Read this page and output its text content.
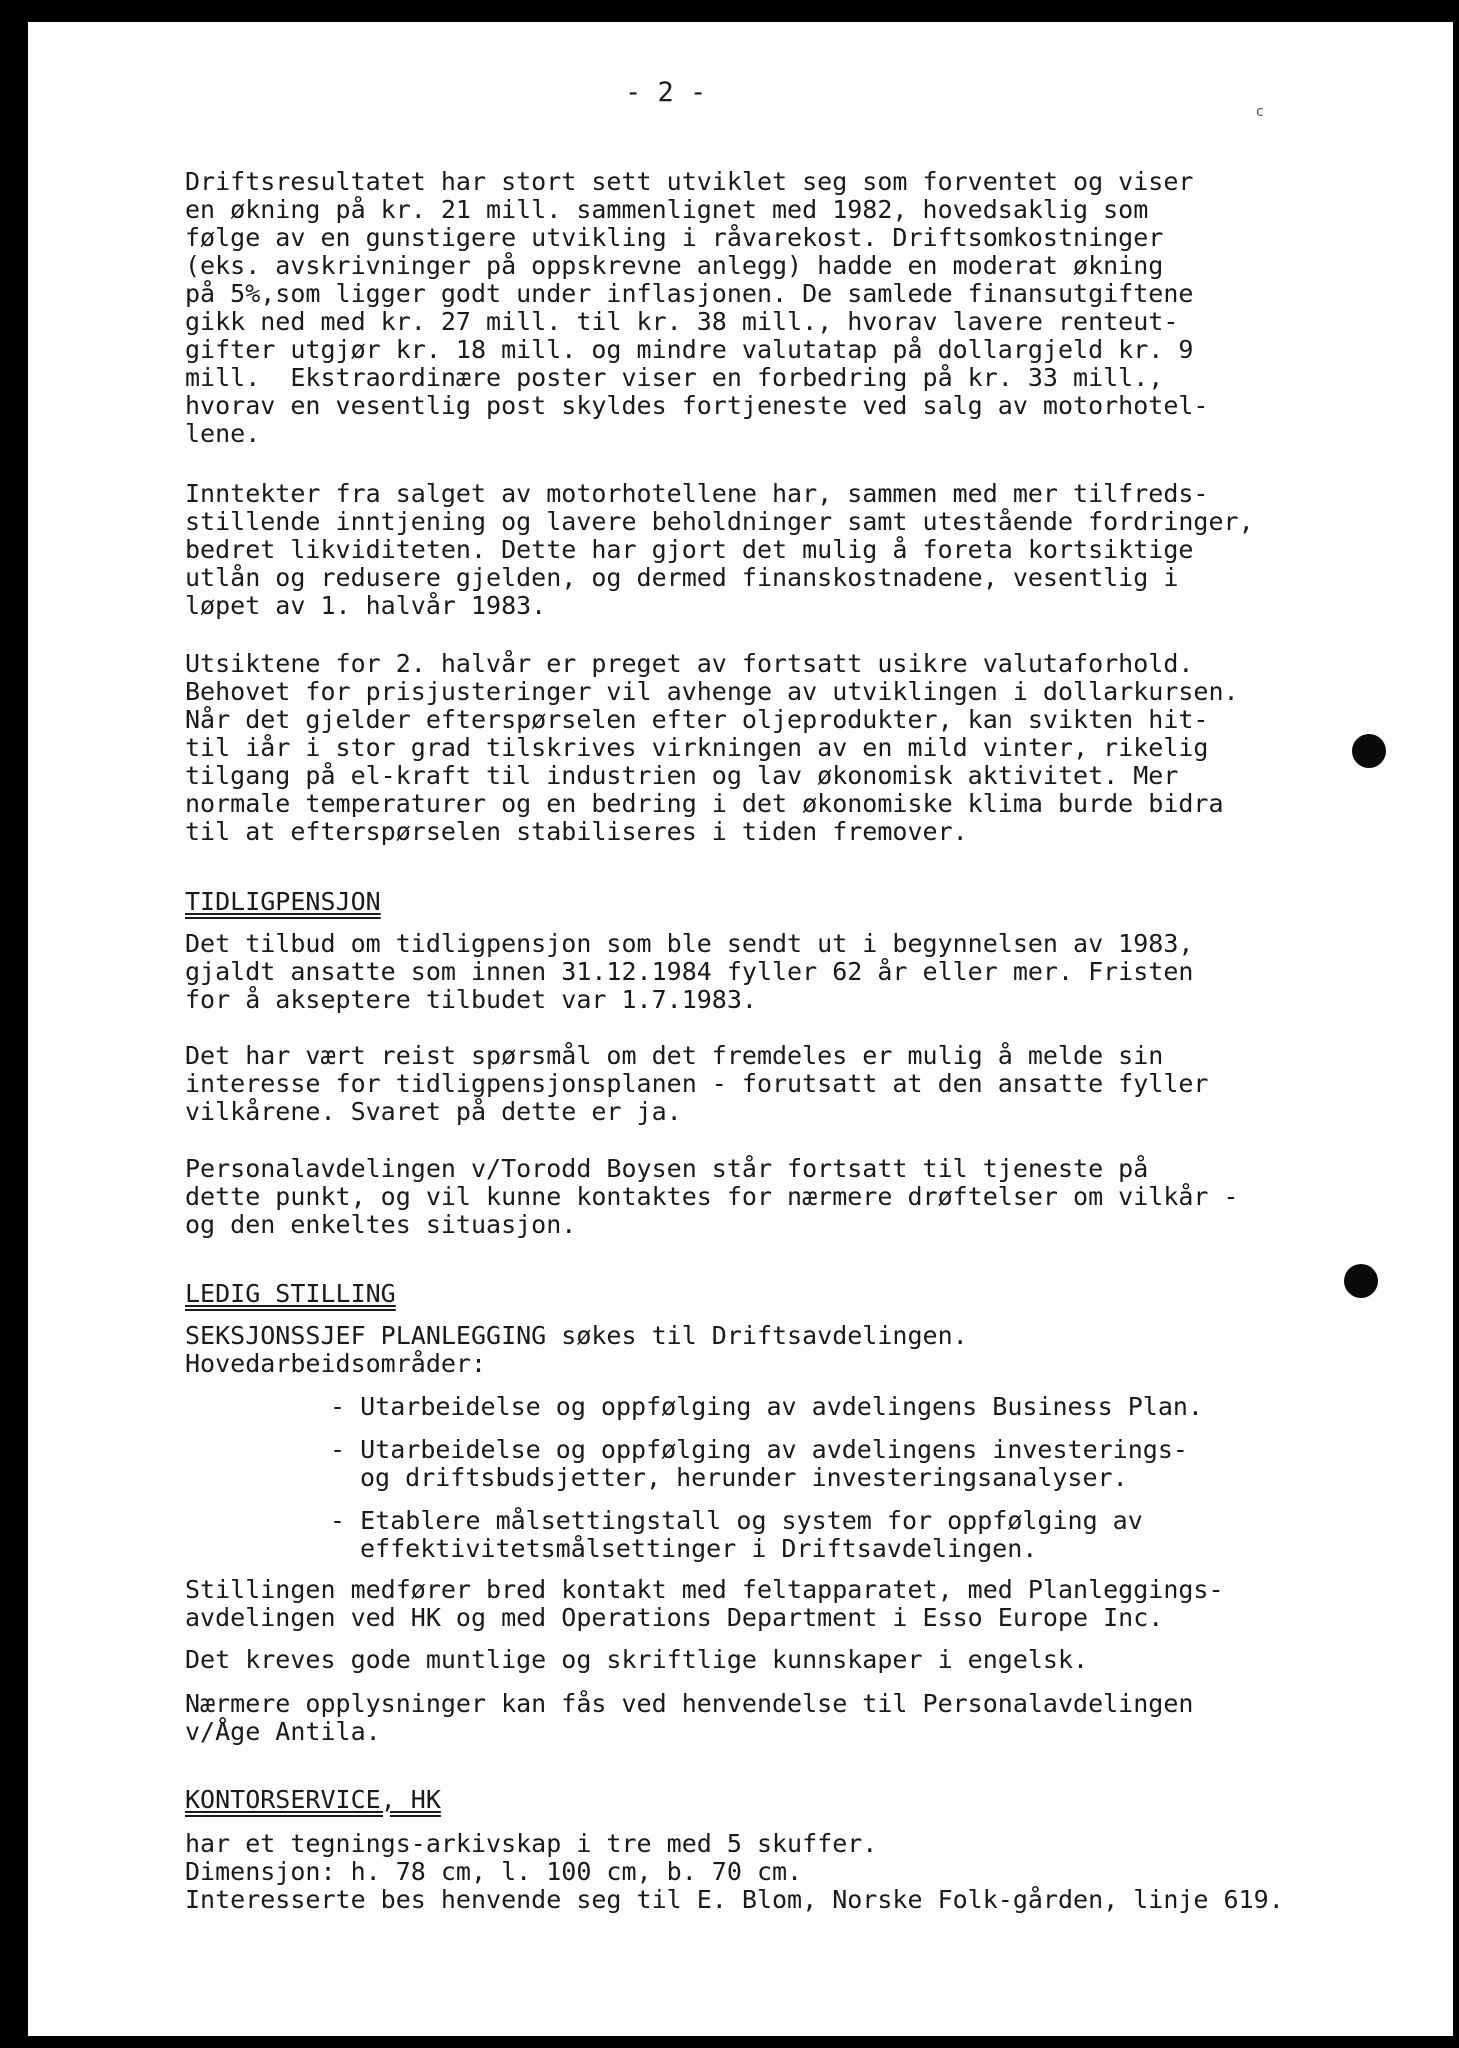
- 2 -
c

Driftsresultatet har stort sett utviklet seg som forventet og viser
en økning på kr. 21 mill. sammenlignet med 1982, hovedsaklig som
følge av en gunstigere utvikling i råvarekost. Driftsomkostninger
(eks. avskrivninger på oppskrevne anlegg) hadde en moderat økning
på 5%,som ligger godt under inflasjonen. De samlede finansutgiftene
gikk ned med kr. 27 mill. til kr. 38 mill., hvorav lavere renteut-
gifter utgjør kr. 18 mill. og mindre valutatap på dollargjeld kr. 9
mill.  Ekstraordinære poster viser en forbedring på kr. 33 mill.,
hvorav en vesentlig post skyldes fortjeneste ved salg av motorhotel-
lene.

Inntekter fra salget av motorhotellene har, sammen med mer tilfreds-
stillende inntjening og lavere beholdninger samt utestående fordringer,
bedret likviditeten. Dette har gjort det mulig å foreta kortsiktige
utlån og redusere gjelden, og dermed finanskostnadene, vesentlig i
løpet av 1. halvår 1983.

Utsiktene for 2. halvår er preget av fortsatt usikre valutaforhold.
Behovet for prisjusteringer vil avhenge av utviklingen i dollarkursen.
Når det gjelder efterspørselen efter oljeprodukter, kan svikten hit-
til iår i stor grad tilskrives virkningen av en mild vinter, rikelig
tilgang på el-kraft til industrien og lav økonomisk aktivitet. Mer
normale temperaturer og en bedring i det økonomiske klima burde bidra
til at efterspørselen stabiliseres i tiden fremover.

TIDLIGPENSJON

Det tilbud om tidligpensjon som ble sendt ut i begynnelsen av 1983,
gjaldt ansatte som innen 31.12.1984 fyller 62 år eller mer. Fristen
for å akseptere tilbudet var 1.7.1983.

Det har vært reist spørsmål om det fremdeles er mulig å melde sin
interesse for tidligpensjonsplanen - forutsatt at den ansatte fyller
vilkårene. Svaret på dette er ja.

Personalavdelingen v/Torodd Boysen står fortsatt til tjeneste på
dette punkt, og vil kunne kontaktes for nærmere drøftelser om vilkår -
og den enkeltes situasjon.

LEDIG STILLING

SEKSJONSSJEF PLANLEGGING søkes til Driftsavdelingen.
Hovedarbeidsområder:

- Utarbeidelse og oppfølging av avdelingens Business Plan.

- Utarbeidelse og oppfølging av avdelingens investerings-
og driftsbudsjetter, herunder investeringsanalyser.

- Etablere målsettingstall og system for oppfølging av
effektivitetsmålsettinger i Driftsavdelingen.

Stillingen medfører bred kontakt med feltapparatet, med Planleggings-
avdelingen ved HK og med Operations Department i Esso Europe Inc.

Det kreves gode muntlige og skriftlige kunnskaper i engelsk.

Nærmere opplysninger kan fås ved henvendelse til Personalavdelingen
v/Åge Antila.

KONTORSERVICE, HK

har et tegnings-arkivskap i tre med 5 skuffer.
Dimensjon: h. 78 cm, l. 100 cm, b. 70 cm.
Interesserte bes henvende seg til E. Blom, Norske Folk-gården, linje 619.
